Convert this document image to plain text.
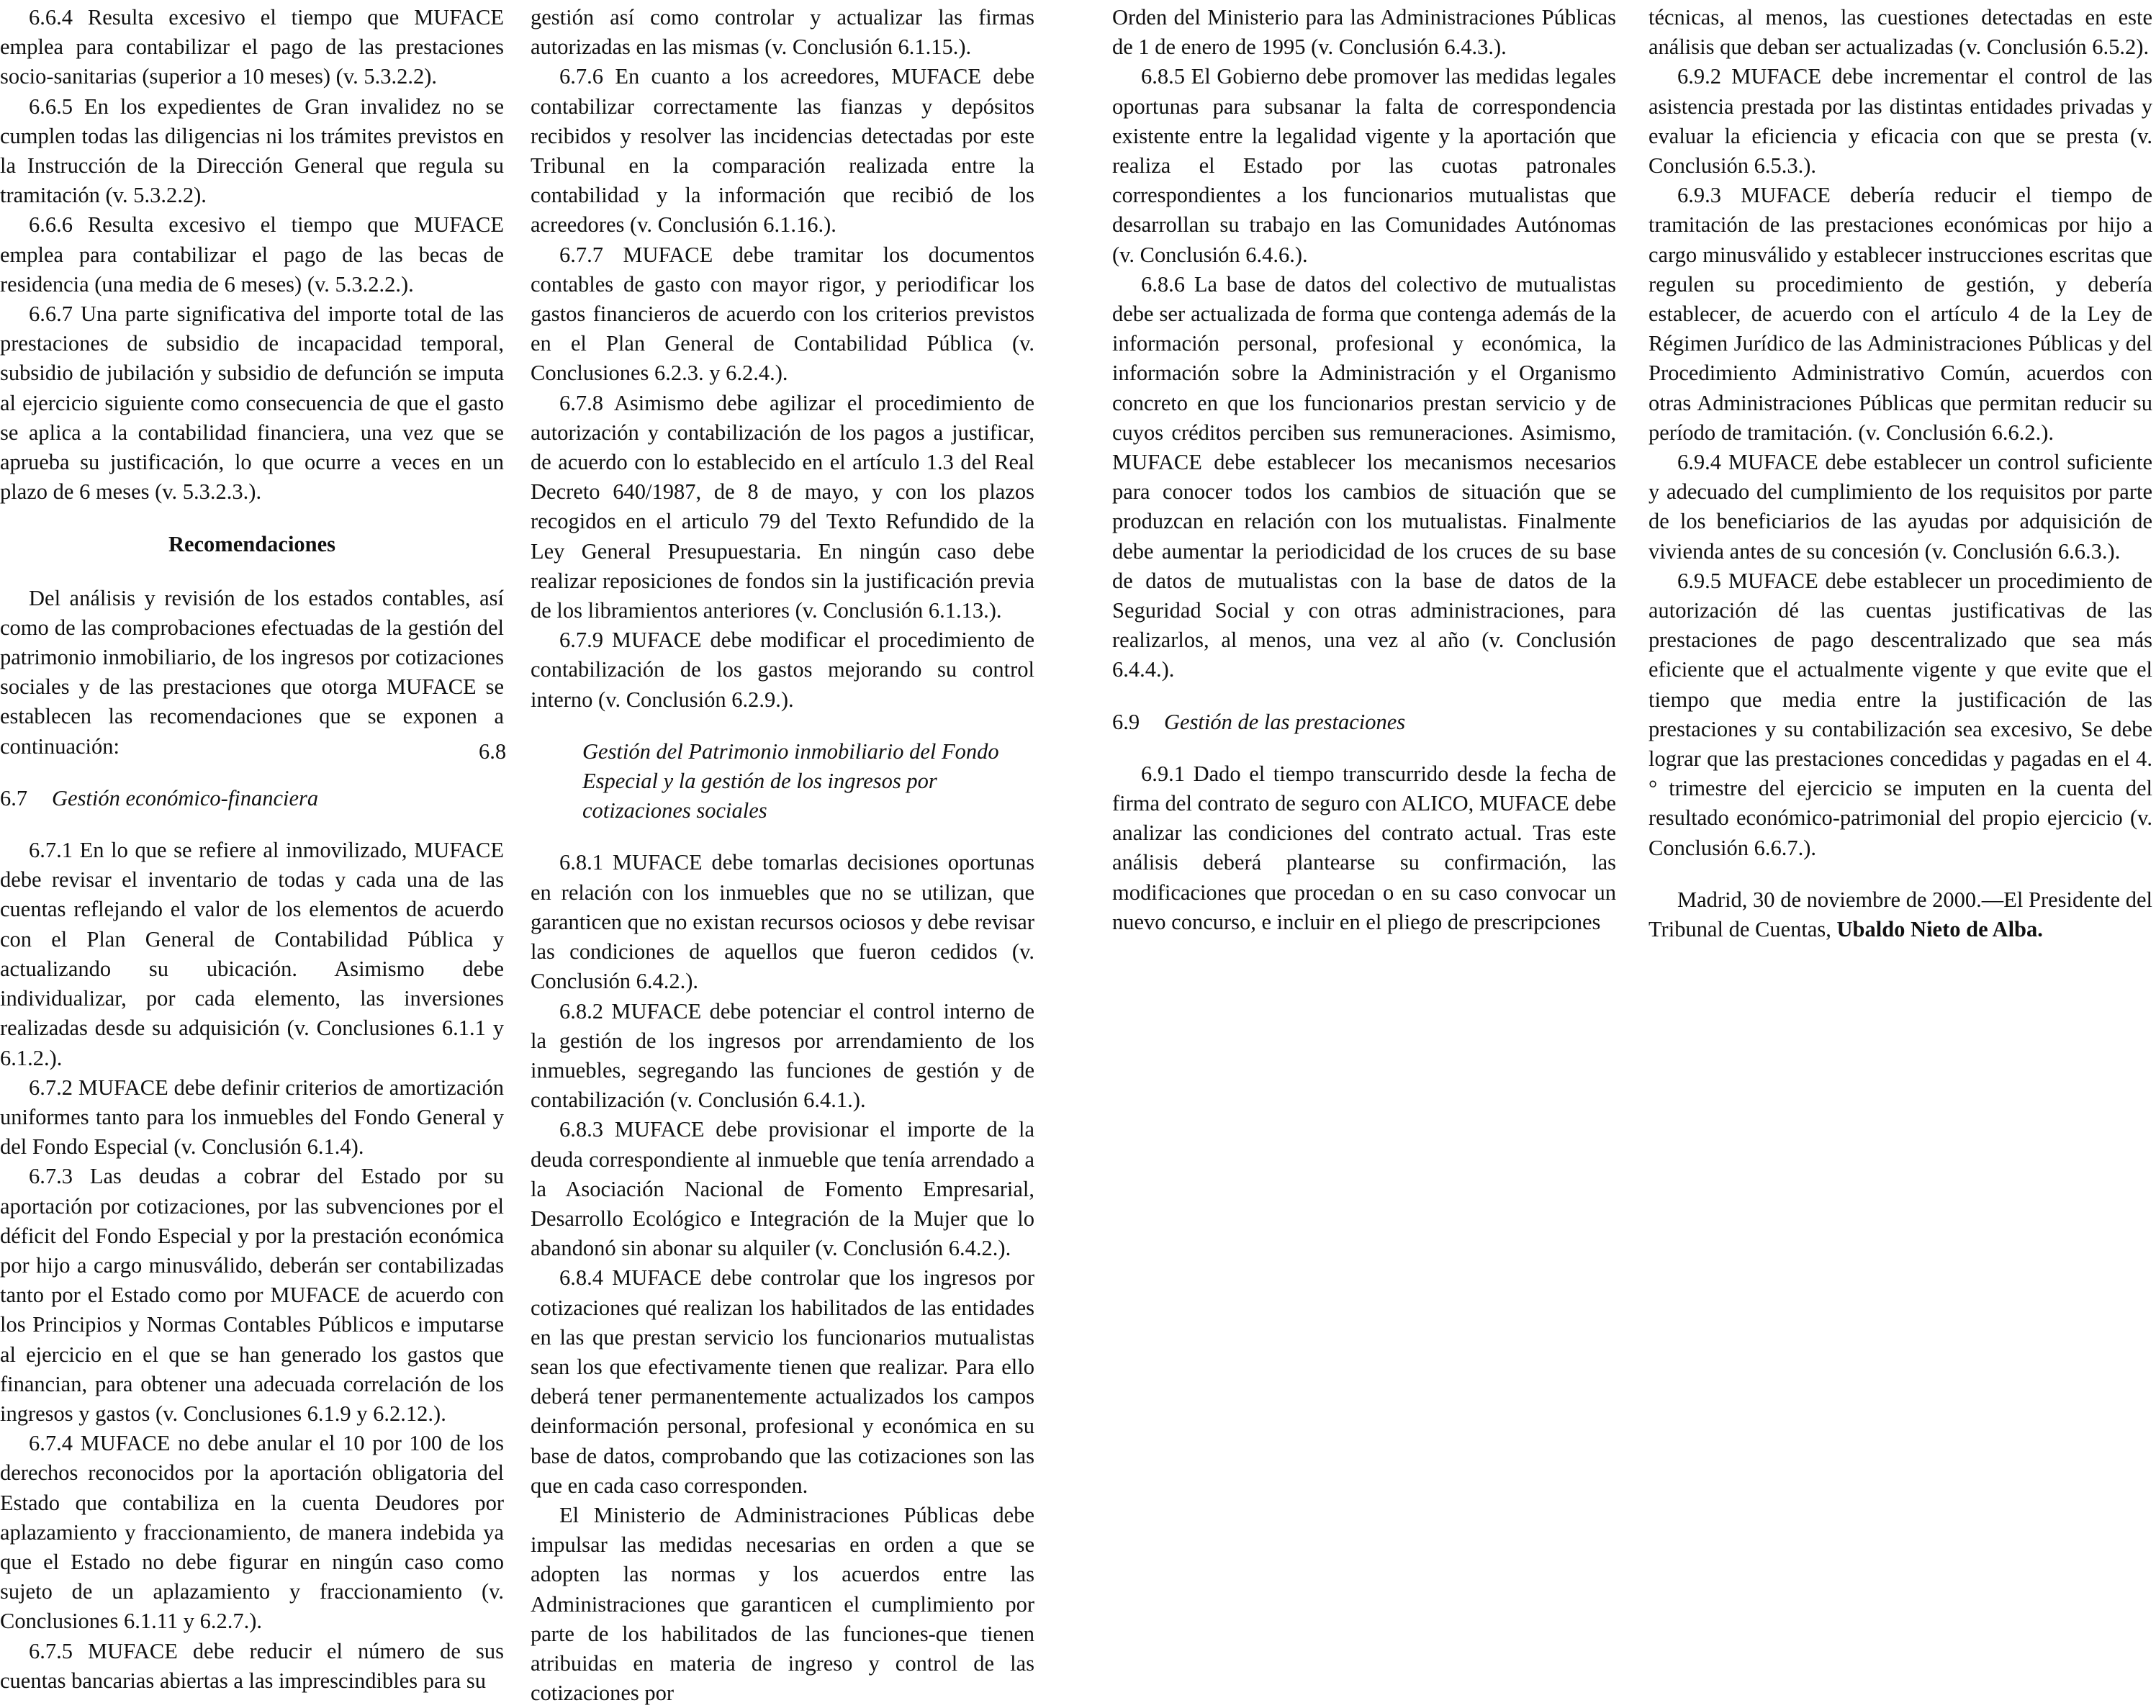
6.6.4 Resulta excesivo el tiempo que MUFACE emplea para contabilizar el pago de las prestaciones socio-sanitarias (superior a 10 meses) (v. 5.3.2.2).

6.6.5 En los expedientes de Gran invalidez no se cumplen todas las diligencias ni los trámites previstos en la Instrucción de la Dirección General que regula su tramitación (v. 5.3.2.2).

6.6.6 Resulta excesivo el tiempo que MUFACE emplea para contabilizar el pago de las becas de residencia (una media de 6 meses) (v. 5.3.2.2.).

6.6.7 Una parte significativa del importe total de las prestaciones de subsidio de incapacidad temporal, subsidio de jubilación y subsidio de defunción se imputa al ejercicio siguiente como consecuencia de que el gasto se aplica a la contabilidad financiera, una vez que se aprueba su justificación, lo que ocurre a veces en un plazo de 6 meses (v. 5.3.2.3.).

Recomendaciones

Del análisis y revisión de los estados contables, así como de las comprobaciones efectuadas de la gestión del patrimonio inmobiliario, de los ingresos por cotizaciones sociales y de las prestaciones que otorga MUFACE se establecen las recomendaciones que se exponen a continuación:

6.7 Gestión económico-financiera

6.7.1 En lo que se refiere al inmovilizado, MUFACE debe revisar el inventario de todas y cada una de las cuentas reflejando el valor de los elementos de acuerdo con el Plan General de Contabilidad Pública y actualizando su ubicación. Asimismo debe individualizar, por cada elemento, las inversiones realizadas desde su adquisición (v. Conclusiones 6.1.1 y 6.1.2.).

6.7.2 MUFACE debe definir criterios de amortización uniformes tanto para los inmuebles del Fondo General y del Fondo Especial (v. Conclusión 6.1.4).

6.7.3 Las deudas a cobrar del Estado por su aportación por cotizaciones, por las subvenciones por el déficit del Fondo Especial y por la prestación económica por hijo a cargo minusválido, deberán ser contabilizadas tanto por el Estado como por MUFACE de acuerdo con los Principios y Normas Contables Públicos e imputarse al ejercicio en el que se han generado los gastos que financian, para obtener una adecuada correlación de los ingresos y gastos (v. Conclusiones 6.1.9 y 6.2.12.).

6.7.4 MUFACE no debe anular el 10 por 100 de los derechos reconocidos por la aportación obligatoria del Estado que contabiliza en la cuenta Deudores por aplazamiento y fraccionamiento, de manera indebida ya que el Estado no debe figurar en ningún caso como sujeto de un aplazamiento y fraccionamiento (v. Conclusiones 6.1.11 y 6.2.7.).

6.7.5 MUFACE debe reducir el número de sus cuentas bancarias abiertas a las imprescindibles para su

gestión así como controlar y actualizar las firmas autorizadas en las mismas (v. Conclusión 6.1.15.).

6.7.6 En cuanto a los acreedores, MUFACE debe contabilizar correctamente las fianzas y depósitos recibidos y resolver las incidencias detectadas por este Tribunal en la comparación realizada entre la contabilidad y la información que recibió de los acreedores (v. Conclusión 6.1.16.).

6.7.7 MUFACE debe tramitar los documentos contables de gasto con mayor rigor, y periodificar los gastos financieros de acuerdo con los criterios previstos en el Plan General de Contabilidad Pública (v. Conclusiones 6.2.3. y 6.2.4.).

6.7.8 Asimismo debe agilizar el procedimiento de autorización y contabilización de los pagos a justificar, de acuerdo con lo establecido en el artículo 1.3 del Real Decreto 640/1987, de 8 de mayo, y con los plazos recogidos en el articulo 79 del Texto Refundido de la Ley General Presupuestaria. En ningún caso debe realizar reposiciones de fondos sin la justificación previa de los libramientos anteriores (v. Conclusión 6.1.13.).

6.7.9 MUFACE debe modificar el procedimiento de contabilización de los gastos mejorando su control interno (v. Conclusión 6.2.9.).

6.8	Gestión del Patrimonio inmobiliario del Fondo Especial y la gestión de los ingresos por cotizaciones sociales

6.8.1 MUFACE debe tomarlas decisiones oportunas en relación con los inmuebles que no se utilizan, que garanticen que no existan recursos ociosos y debe revisar las condiciones de aquellos que fueron cedidos (v. Conclusión 6.4.2.).

6.8.2 MUFACE debe potenciar el control interno de la gestión de los ingresos por arrendamiento de los inmuebles, segregando las funciones de gestión y de contabilización (v. Conclusión 6.4.1.).

6.8.3 MUFACE debe provisionar el importe de la deuda correspondiente al inmueble que tenía arrendado a la Asociación Nacional de Fomento Empresarial, Desarrollo Ecológico e Integración de la Mujer que lo abandonó sin abonar su alquiler (v. Conclusión 6.4.2.).

6.8.4 MUFACE debe controlar que los ingresos por cotizaciones qué realizan los habilitados de las entidades en las que prestan servicio los funcionarios mutualistas sean los que efectivamente tienen que realizar. Para ello deberá tener permanentemente actualizados los campos deinformación personal, profesional y económica en su base de datos, comprobando que las cotizaciones son las que en cada caso corresponden.

El Ministerio de Administraciones Públicas debe impulsar las medidas necesarias en orden a que se adopten las normas y los acuerdos entre las Administraciones que garanticen el cumplimiento por parte de los habilitados de las funciones-que tienen atribuidas en materia de ingreso y control de las cotizaciones por

Orden del Ministerio para las Administraciones Públicas de 1 de enero de 1995 (v. Conclusión 6.4.3.).

6.8.5 El Gobierno debe promover las medidas legales oportunas para subsanar la falta de correspondencia existente entre la legalidad vigente y la aportación que realiza el Estado por las cuotas patronales correspondientes a los funcionarios mutualistas que desarrollan su trabajo en las Comunidades Autónomas (v. Conclusión 6.4.6.).

6.8.6 La base de datos del colectivo de mutualistas debe ser actualizada de forma que contenga además de la información personal, profesional y económica, la información sobre la Administración y el Organismo concreto en que los funcionarios prestan servicio y de cuyos créditos perciben sus remuneraciones. Asimismo, MUFACE debe establecer los mecanismos necesarios para conocer todos los cambios de situación que se produzcan en relación con los mutualistas. Finalmente debe aumentar la periodicidad de los cruces de su base de datos de mutualistas con la base de datos de la Seguridad Social y con otras administraciones, para realizarlos, al menos, una vez al año (v. Conclusión 6.4.4.).

6.9 Gestión de las prestaciones

6.9.1 Dado el tiempo transcurrido desde la fecha de firma del contrato de seguro con ALICO, MUFACE debe analizar las condiciones del contrato actual. Tras este análisis deberá plantearse su confirmación, las modificaciones que procedan o en su caso convocar un nuevo concurso, e incluir en el pliego de prescripciones

técnicas, al menos, las cuestiones detectadas en este análisis que deban ser actualizadas (v. Conclusión 6.5.2).

6.9.2 MUFACE debe incrementar el control de las asistencia prestada por las distintas entidades privadas y evaluar la eficiencia y eficacia con que se presta (v. Conclusión 6.5.3.).

6.9.3 MUFACE debería reducir el tiempo de tramitación de las prestaciones económicas por hijo a cargo minusválido y establecer instrucciones escritas que regulen su procedimiento de gestión, y debería establecer, de acuerdo con el artículo 4 de la Ley de Régimen Jurídico de las Administraciones Públicas y del Procedimiento Administrativo Común, acuerdos con otras Administraciones Públicas que permitan reducir su período de tramitación. (v. Conclusión 6.6.2.).

6.9.4 MUFACE debe establecer un control suficiente y adecuado del cumplimiento de los requisitos por parte de los beneficiarios de las ayudas por adquisición de vivienda antes de su concesión (v. Conclusión 6.6.3.).

6.9.5 MUFACE debe establecer un procedimiento de autorización dé las cuentas justificativas de las prestaciones de pago descentralizado que sea más eficiente que el actualmente vigente y que evite que el tiempo que media entre la justificación de las prestaciones y su contabilización sea excesivo, Se debe lograr que las prestaciones concedidas y pagadas en el 4.° trimestre del ejercicio se imputen en la cuenta del resultado económico-patrimonial del propio ejercicio (v. Conclusión 6.6.7.).

Madrid, 30 de noviembre de 2000.—El Presidente del Tribunal de Cuentas, Ubaldo Nieto de Alba.
